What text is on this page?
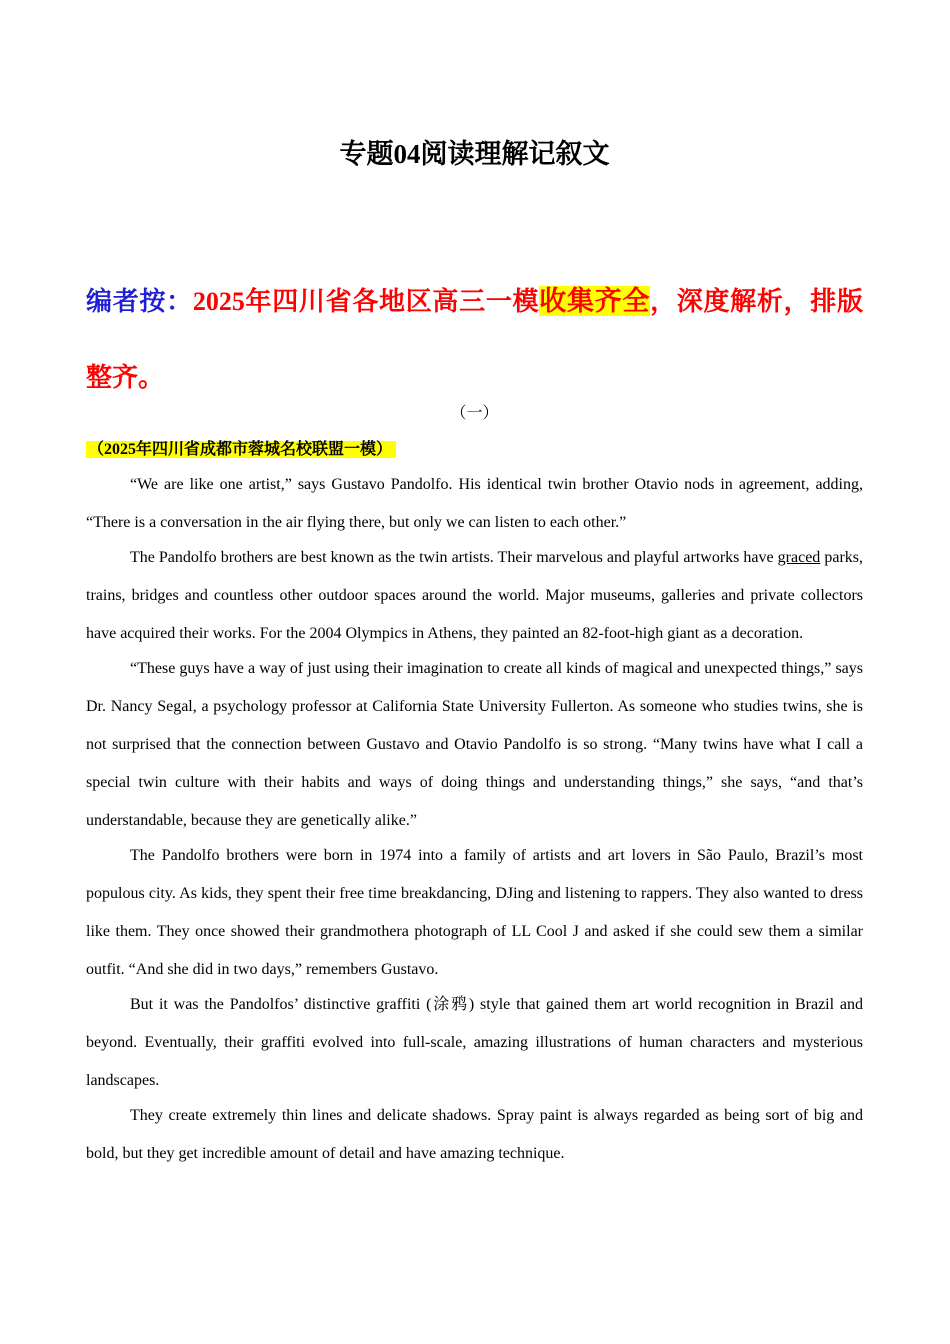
专题04阅读理解记叙文

编者按：2025年四川省各地区高三一模收集齐全，深度解析，排版整齐。

（一）

（2025年四川省成都市蓉城名校联盟一模）

“We are like one artist,” says Gustavo Pandolfo. His identical twin brother Otavio nods in agreement, adding, “There is a conversation in the air flying there, but only we can listen to each other.”

The Pandolfo brothers are best known as the twin artists. Their marvelous and playful artworks have graced parks, trains, bridges and countless other outdoor spaces around the world. Major museums, galleries and private collectors have acquired their works. For the 2004 Olympics in Athens, they painted an 82-foot-high giant as a decoration.

“These guys have a way of just using their imagination to create all kinds of magical and unexpected things,” says Dr. Nancy Segal, a psychology professor at California State University Fullerton. As someone who studies twins, she is not surprised that the connection between Gustavo and Otavio Pandolfo is so strong. “Many twins have what I call a special twin culture with their habits and ways of doing things and understanding things,” she says, “and that’s understandable, because they are genetically alike.”

The Pandolfo brothers were born in 1974 into a family of artists and art lovers in São Paulo, Brazil’s most populous city. As kids, they spent their free time breakdancing, DJing and listening to rappers. They also wanted to dress like them. They once showed their grandmothera photograph of LL Cool J and asked if she could sew them a similar outfit. “And she did in two days,” remembers Gustavo.

But it was the Pandolfos’ distinctive graffiti (涂鸦) style that gained them art world recognition in Brazil and beyond. Eventually, their graffiti evolved into full-scale, amazing illustrations of human characters and mysterious landscapes.

They create extremely thin lines and delicate shadows. Spray paint is always regarded as being sort of big and bold, but they get incredible amount of detail and have amazing technique.
